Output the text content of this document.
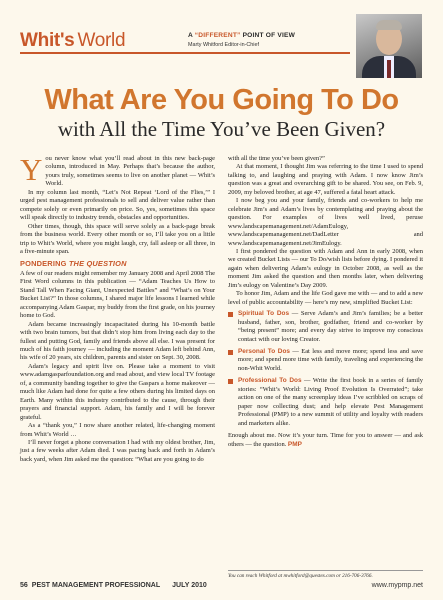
Whit's World	A “DIFFERENT” POINT OF VIEW
Marty Whitford Editor-in-Chief
What Are You Going To Do
with All the Time You’ve Been Given?

You never know what you’ll read about in this new back-page column, introduced in May. Perhaps that’s because the author, yours truly, sometimes seems to live on another planet — Whit’s World.

In my column last month, “Let’s Not Repeat ‘Lord of the Flies,’” I urged pest management professionals to sell and deliver value rather than compete solely or even primarily on price. So, yes, sometimes this space will speak directly to industry trends, obstacles and opportunities.

Other times, though, this space will serve solely as a back-page break from the business world. Every other month or so, I’ll take you on a little trip to Whit’s World, where you might laugh, cry, fall asleep or all three, in a five-minute span.

PONDERING THE QUESTION

A few of our readers might remember my January 2008 and April 2008 The First Word columns in this publication — “Adam Teaches Us How to Stand Tall When Facing Giant, Unexpected Battles” and “What’s on Your Bucket List?” In those columns, I shared major life lessons I learned while accompanying Adam Gaspar, my buddy from the first grade, on his journey home to God.

Adam became increasingly incapacitated during his 10-month battle with two brain tumors, but that didn’t stop him from living each day to the fullest and putting God, family and friends above all else. I was present for much of his faith journey — including the moment Adam left behind Ann, his wife of 20 years, six children, parents and sister on Sept. 30, 2008.

Adam’s legacy and spirit live on. Please take a moment to visit www.adamgasparfoundation.org and read about, and view local TV footage of, a community banding together to give the Gaspars a home makeover — much like Adam had done for quite a few others during his limited days on Earth. Many within this industry contributed to the cause, through their prayers and financial support. Adam, his family and I will be forever grateful.

As a “thank you,” I now share another related, life-changing moment from Whit’s World …

I’ll never forget a phone conversation I had with my oldest brother, Jim, just a few weeks after Adam died. I was pacing back and forth in Adam’s back yard, when Jim asked me the question: “What are you going to do

with all the time you’ve been given?”

At that moment, I thought Jim was referring to the time I used to spend talking to, and laughing and praying with Adam. I now know Jim’s question was a great and overarching gift to be shared. You see, on Feb. 9, 2009, my beloved brother, at age 47, suffered a fatal heart attack.

I now beg you and your family, friends and co-workers to help me celebrate Jim’s and Adam’s lives by contemplating and praying about the question. For examples of lives well lived, peruse www.landscapemanagement.net/AdamEulogy, www.landscapemanagement.net/DadLetter and www.landscapemanagement.net/JimEulogy.

I first pondered the question with Adam and Ann in early 2008, when we created Bucket Lists — our To Do/wish lists before dying. I pondered it again when delivering Adam’s eulogy in October 2008, as well as the moment Jim asked the question and then months later, when delivering Jim’s eulogy on Valentine’s Day 2009.

To honor Jim, Adam and the life God gave me with — and to add a new level of public accountability — here’s my new, simplified Bucket List:

Spiritual To Dos — Serve Adam’s and Jim’s families; be a better husband, father, son, brother, godfather, friend and co-worker by “being present” more; and every day strive to improve my conscious contact with our loving Creator.
Personal To Dos — Eat less and move more; spend less and save more; and spend more time with family, traveling and experiencing the non-Whit World.
Professional To Dos — Write the first book in a series of family stories: “Whit’s World: Living Proof Evolution Is Overrated”; take action on one of the many screenplay ideas I’ve scribbled on scraps of paper now collecting dust; and help elevate Pest Management Professional (PMP) to a new summit of utility and loyalty with readers and marketers alike.

Enough about me. Now it’s your turn. Time for you to answer — and ask others — the question. PMP

You can reach Whitford at mwhitford@questex.com or 216-706-3766.
56 PEST MANAGEMENT PROFESSIONAL JULY 2010	www.mypmp.net
